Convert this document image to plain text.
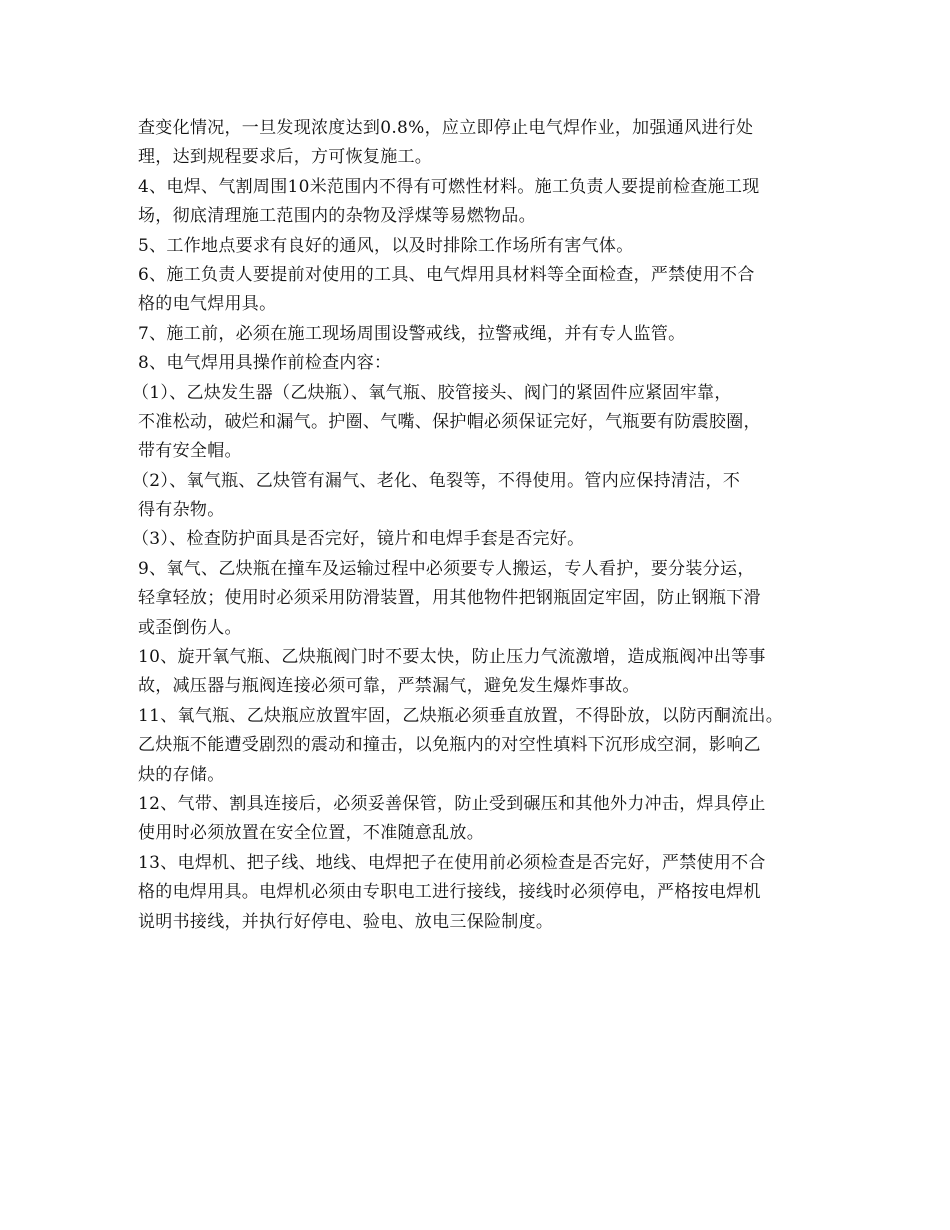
查变化情况，一旦发现浓度达到0.8%，应立即停止电气焊作业，加强通风进行处
理，达到规程要求后，方可恢复施工。
4、电焊、气割周围10米范围内不得有可燃性材料。施工负责人要提前检查施工现
场，彻底清理施工范围内的杂物及浮煤等易燃物品。
5、工作地点要求有良好的通风，以及时排除工作场所有害气体。
6、施工负责人要提前对使用的工具、电气焊用具材料等全面检查，严禁使用不合
格的电气焊用具。
7、施工前，必须在施工现场周围设警戒线，拉警戒绳，并有专人监管。
8、电气焊用具操作前检查内容：
（1）、乙炔发生器（乙炔瓶）、氧气瓶、胶管接头、阀门的紧固件应紧固牢靠，
不准松动，破烂和漏气。护圈、气嘴、保护帽必须保证完好，气瓶要有防震胶圈，
带有安全帽。
（2）、氧气瓶、乙炔管有漏气、老化、龟裂等，不得使用。管内应保持清洁，不
得有杂物。
（3）、检查防护面具是否完好，镜片和电焊手套是否完好。
9、氧气、乙炔瓶在撞车及运输过程中必须要专人搬运，专人看护，要分装分运，
轻拿轻放；使用时必须采用防滑装置，用其他物件把钢瓶固定牢固，防止钢瓶下滑
或歪倒伤人。
10、旋开氧气瓶、乙炔瓶阀门时不要太快，防止压力气流激增，造成瓶阀冲出等事
故，减压器与瓶阀连接必须可靠，严禁漏气，避免发生爆炸事故。
11、氧气瓶、乙炔瓶应放置牢固，乙炔瓶必须垂直放置，不得卧放，以防丙酮流出。
乙炔瓶不能遭受剧烈的震动和撞击，以免瓶内的对空性填料下沉形成空洞，影响乙
炔的存储。
12、气带、割具连接后，必须妥善保管，防止受到碾压和其他外力冲击，焊具停止
使用时必须放置在安全位置，不准随意乱放。
13、电焊机、把子线、地线、电焊把子在使用前必须检查是否完好，严禁使用不合
格的电焊用具。电焊机必须由专职电工进行接线，接线时必须停电，严格按电焊机
说明书接线，并执行好停电、验电、放电三保险制度。
